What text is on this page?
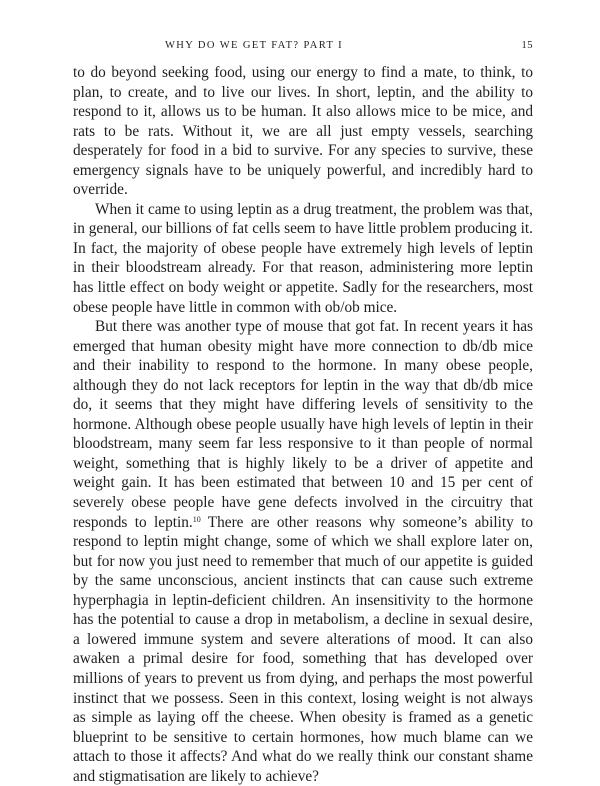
WHY DO WE GET FAT? PART I	15

to do beyond seeking food, using our energy to find a mate, to think, to plan, to create, and to live our lives. In short, leptin, and the ability to respond to it, allows us to be human. It also allows mice to be mice, and rats to be rats. Without it, we are all just empty vessels, searching desperately for food in a bid to survive. For any species to survive, these emergency signals have to be uniquely powerful, and incredibly hard to override.

When it came to using leptin as a drug treatment, the problem was that, in general, our billions of fat cells seem to have little problem producing it. In fact, the majority of obese people have extremely high levels of leptin in their bloodstream already. For that reason, administering more leptin has little effect on body weight or appetite. Sadly for the researchers, most obese people have little in common with ob/ob mice.

But there was another type of mouse that got fat. In recent years it has emerged that human obesity might have more connection to db/db mice and their inability to respond to the hormone. In many obese people, although they do not lack receptors for leptin in the way that db/db mice do, it seems that they might have differing levels of sensitivity to the hormone. Although obese people usually have high levels of leptin in their bloodstream, many seem far less responsive to it than people of normal weight, something that is highly likely to be a driver of appetite and weight gain. It has been estimated that between 10 and 15 per cent of severely obese people have gene defects involved in the circuitry that responds to leptin.$^{10}$ There are other reasons why someone’s ability to respond to leptin might change, some of which we shall explore later on, but for now you just need to remember that much of our appetite is guided by the same unconscious, ancient instincts that can cause such extreme hyperphagia in leptin-deficient children. An insensitivity to the hormone has the potential to cause a drop in metabolism, a decline in sexual desire, a lowered immune system and severe alterations of mood. It can also awaken a primal desire for food, something that has developed over millions of years to prevent us from dying, and perhaps the most powerful instinct that we possess. Seen in this context, losing weight is not always as simple as laying off the cheese. When obesity is framed as a genetic blueprint to be sensitive to certain hormones, how much blame can we attach to those it affects? And what do we really think our constant shame and stigmatisation are likely to achieve?
